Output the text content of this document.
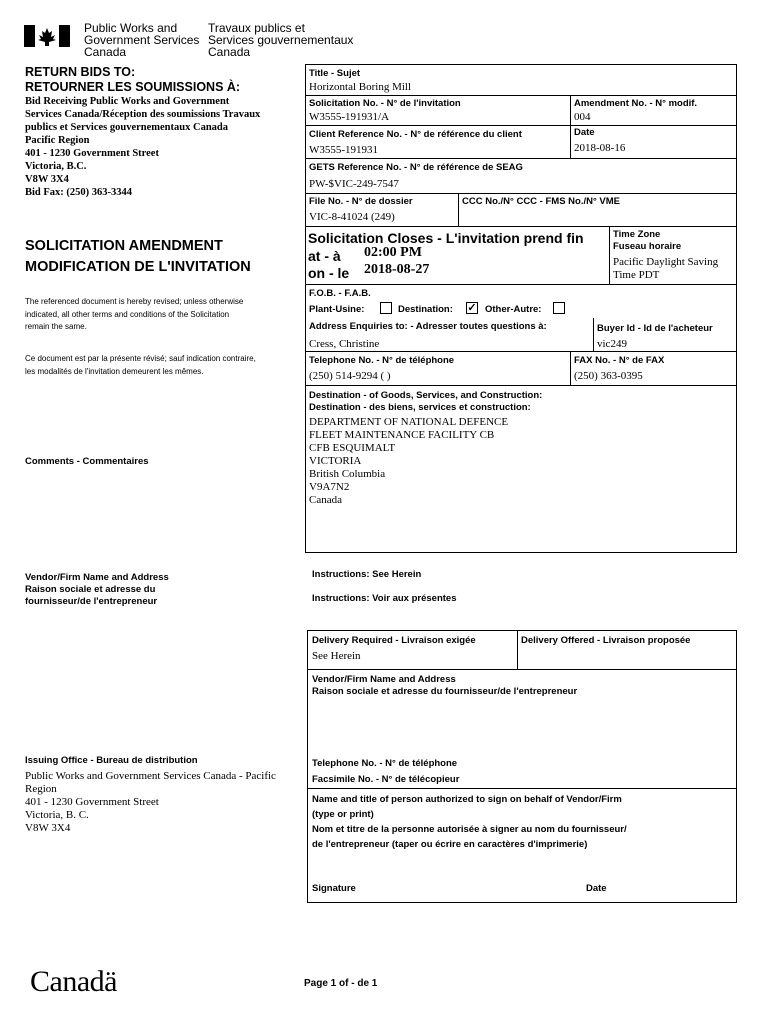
Public Works and
Government Services
Canada
Travaux publics et
Services gouvernementaux
Canada
RETURN BIDS TO:
RETOURNER LES SOUMISSIONS À:
Bid Receiving Public Works and Government
Services Canada/Réception des soumissions Travaux
publics et Services gouvernementaux Canada
Pacific Region
401 - 1230 Government Street
Victoria, B.C.
V8W 3X4
Bid Fax: (250) 363-3344
SOLICITATION AMENDMENT
MODIFICATION DE L'INVITATION
The referenced document is hereby revised; unless otherwise
indicated, all other terms and conditions of the Solicitation
remain the same.
Ce document est par la présente révisé; sauf indication contraire,
les modalités de l'invitation demeurent les mêmes.
Comments - Commentaires
Vendor/Firm Name and Address
Raison sociale et adresse du
fournisseur/de l'entrepreneur
Issuing Office - Bureau de distribution
Public Works and Government Services Canada - Pacific
Region
401 - 1230 Government Street
Victoria, B. C.
V8W 3X4
Title - Sujet
Horizontal Boring Mill
Solicitation No. - N° de l'invitation
W3555-191931/A
Amendment No. - N° modif.
004
Client Reference No. - N° de référence du client
W3555-191931
Date
2018-08-16
GETS Reference No. - N° de référence de SEAG
PW-$VIC-249-7547
File No. - N° de dossier
VIC-8-41024 (249)
CCC No./N° CCC - FMS No./N° VME
Solicitation Closes - L'invitation prend fin
at - à 02:00 PM
on - le 2018-08-27
Time Zone
Fuseau horaire
Pacific Daylight Saving
Time PDT
F.O.B. - F.A.B.
Plant-Usine:	Destination: ✓ Other-Autre:
Address Enquiries to: - Adresser toutes questions à:
Cress, Christine
Buyer Id - Id de l'acheteur
vic249
Telephone No. - N° de téléphone
(250) 514-9294 ( )
FAX No. - N° de FAX
(250) 363-0395
Destination - of Goods, Services, and Construction:
Destination - des biens, services et construction:
DEPARTMENT OF NATIONAL DEFENCE
FLEET MAINTENANCE FACILITY CB
CFB ESQUIMALT
VICTORIA
British Columbia
V9A7N2
Canada
Instructions: See Herein
Instructions: Voir aux présentes
Delivery Required - Livraison exigée
See Herein
Delivery Offered - Livraison proposée
Vendor/Firm Name and Address
Raison sociale et adresse du fournisseur/de l'entrepreneur
Telephone No. - N° de téléphone
Facsimile No. - N° de télécopieur
Name and title of person authorized to sign on behalf of Vendor/Firm
(type or print)
Nom et titre de la personne autorisée à signer au nom du fournisseur/
de l'entrepreneur (taper ou écrire en caractères d'imprimerie)
Signature	Date
Canadä	Page 1 of - de 1
